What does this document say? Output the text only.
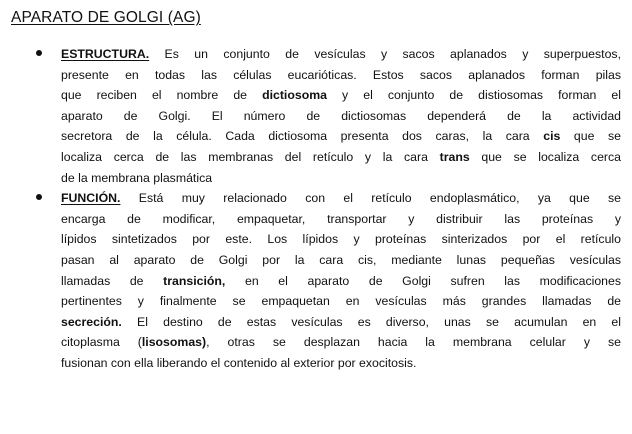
APARATO DE GOLGI (AG)
ESTRUCTURA. Es un conjunto de vesículas y sacos aplanados y superpuestos,
presente en todas las células eucarióticas. Estos sacos aplanados forman pilas
que reciben el nombre de dictiosoma y el conjunto de distiosomas forman el
aparato de Golgi. El número de dictiosomas dependerá de la actividad
secretora de la célula. Cada dictiosoma presenta dos caras, la cara cis que se
localiza cerca de las membranas del retículo y la cara trans que se localiza cerca
de la membrana plasmática
FUNCIÓN. Está muy relacionado con el retículo endoplasmático, ya que se
encarga de modificar, empaquetar, transportar y distribuir las proteínas y
lípidos sintetizados por este. Los lípidos y proteínas sinterizados por el retículo
pasan al aparato de Golgi por la cara cis, mediante lunas pequeñas vesículas
llamadas de transición, en el aparato de Golgi sufren las modificaciones
pertinentes y finalmente se empaquetan en vesículas más grandes llamadas de
secreción. El destino de estas vesículas es diverso, unas se acumulan en el
citoplasma (lisosomas), otras se desplazan hacia la membrana celular y se
fusionan con ella liberando el contenido al exterior por exocitosis.
